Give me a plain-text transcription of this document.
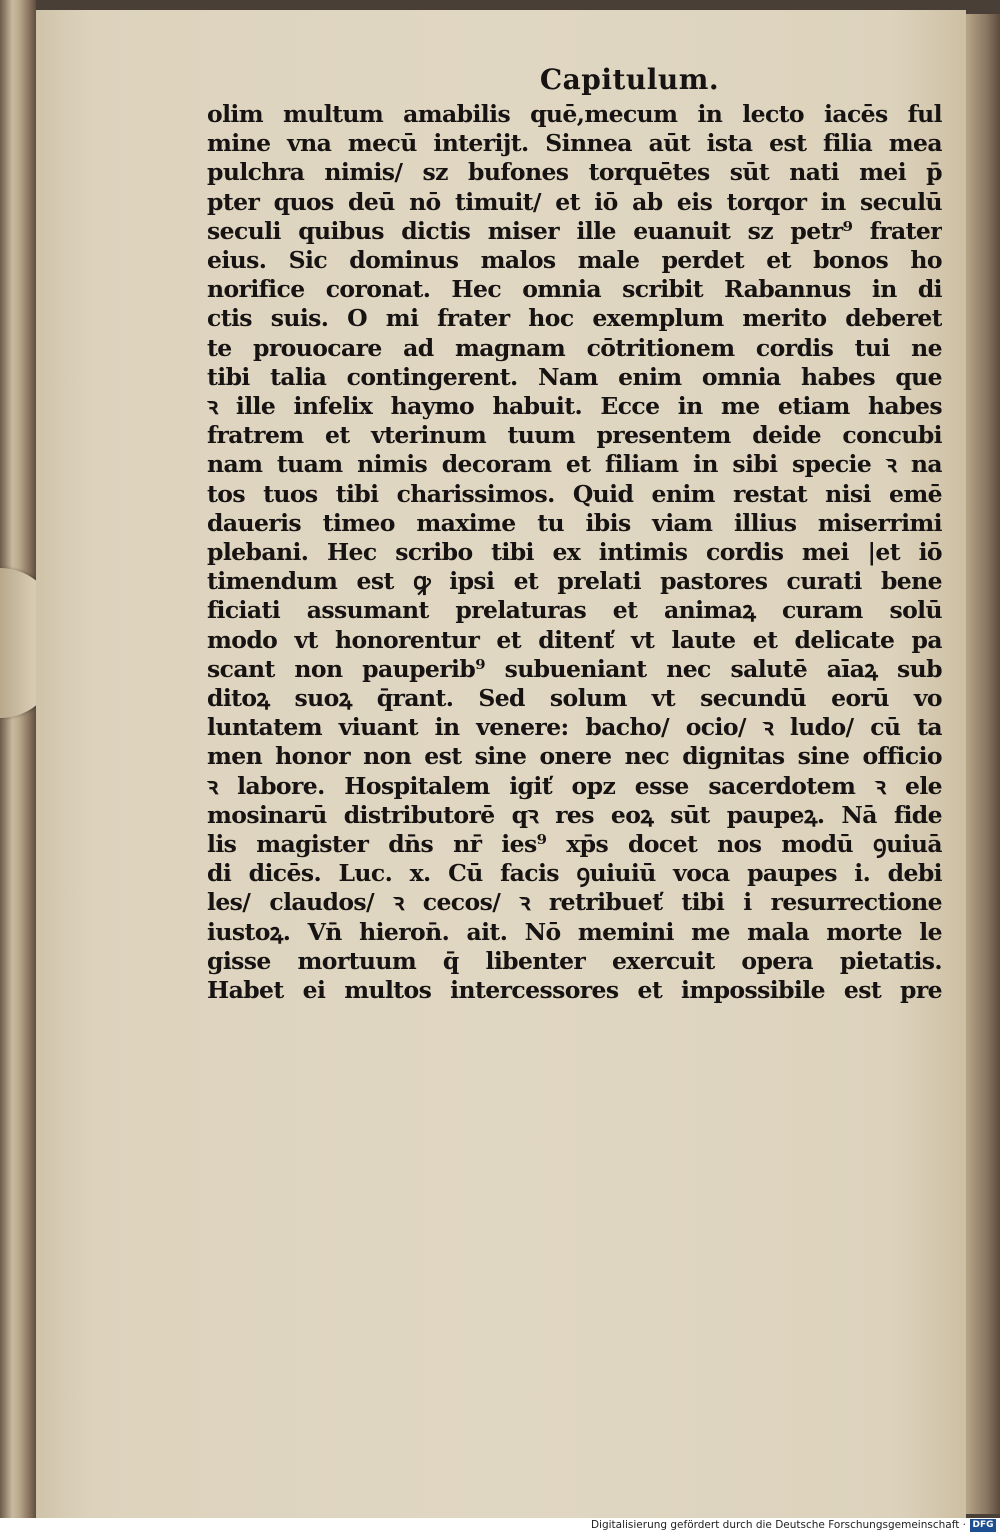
Capitulum.
olim multum amabilis quē,mecum in lecto iacēs ful
mine vna mecū interijt. Sinnea aūt ista est filia mea
pulchra nimis/ sz bufones torquētes sūt nati mei p̄
pter quos deū nō timuit/ et iō ab eis torqor in seculū
seculi quibus dictis miser ille euanuit sz petr⁹ frater
eius. Sic dominus malos male perdet et bonos ho
norifice coronat. Hec omnia scribit Rabannus in di
ctis suis. O mi frater hoc exemplum merito deberet
te prouocare ad magnam cōtritionem cordis tui ne
tibi talia contingerent. Nam enim omnia habes que
ꝛ ille infelix haymo habuit. Ecce in me etiam habes
fratrem et vterinum tuum presentem deide concubi
nam tuam nimis decoram et filiam in sibi specie ꝛ na
tos tuos tibi charissimos. Quid enim restat nisi emē
daueris timeo maxime tu ibis viam illius miserrimi
plebani. Hec scribo tibi ex intimis cordis mei |et iō
timendum est ꝙ ipsi et prelati pastores curati bene
ficiati assumant prelaturas et animaꝝ curam solū
modo vt honorentur et ditenť vt laute et delicate pa
scant non pauperib⁹ subueniant nec salutē aīaꝝ sub
ditoꝝ suoꝝ q̄rant. Sed solum vt secundū eorū vo
luntatem viuant in venere: bacho/ ocio/ ꝛ ludo/ cū ta
men honor non est sine onere nec dignitas sine officio
ꝛ labore. Hospitalem igiť opz esse sacerdotem ꝛ ele
mosinarū distributorē qꝛ res eoꝝ sūt paupeꝝ. Nā fide
lis magister dn̄s nr̄ ies⁹ xp̄s docet nos modū ꝯuiuā
di dicēs. Luc. x. Cū facis ꝯuiuiū voca paupes i. debi
les/ claudos/ ꝛ cecos/ ꝛ retribueť tibi i resurrectione
iustoꝝ. Vn̄ hieron̄. ait. Nō memini me mala morte le
gisse mortuum q̄ libenter exercuit opera pietatis.
Habet ei multos intercessores et impossibile est pre
Digitalisierung gefördert durch die Deutsche Forschungsgemeinschaft · DFG
